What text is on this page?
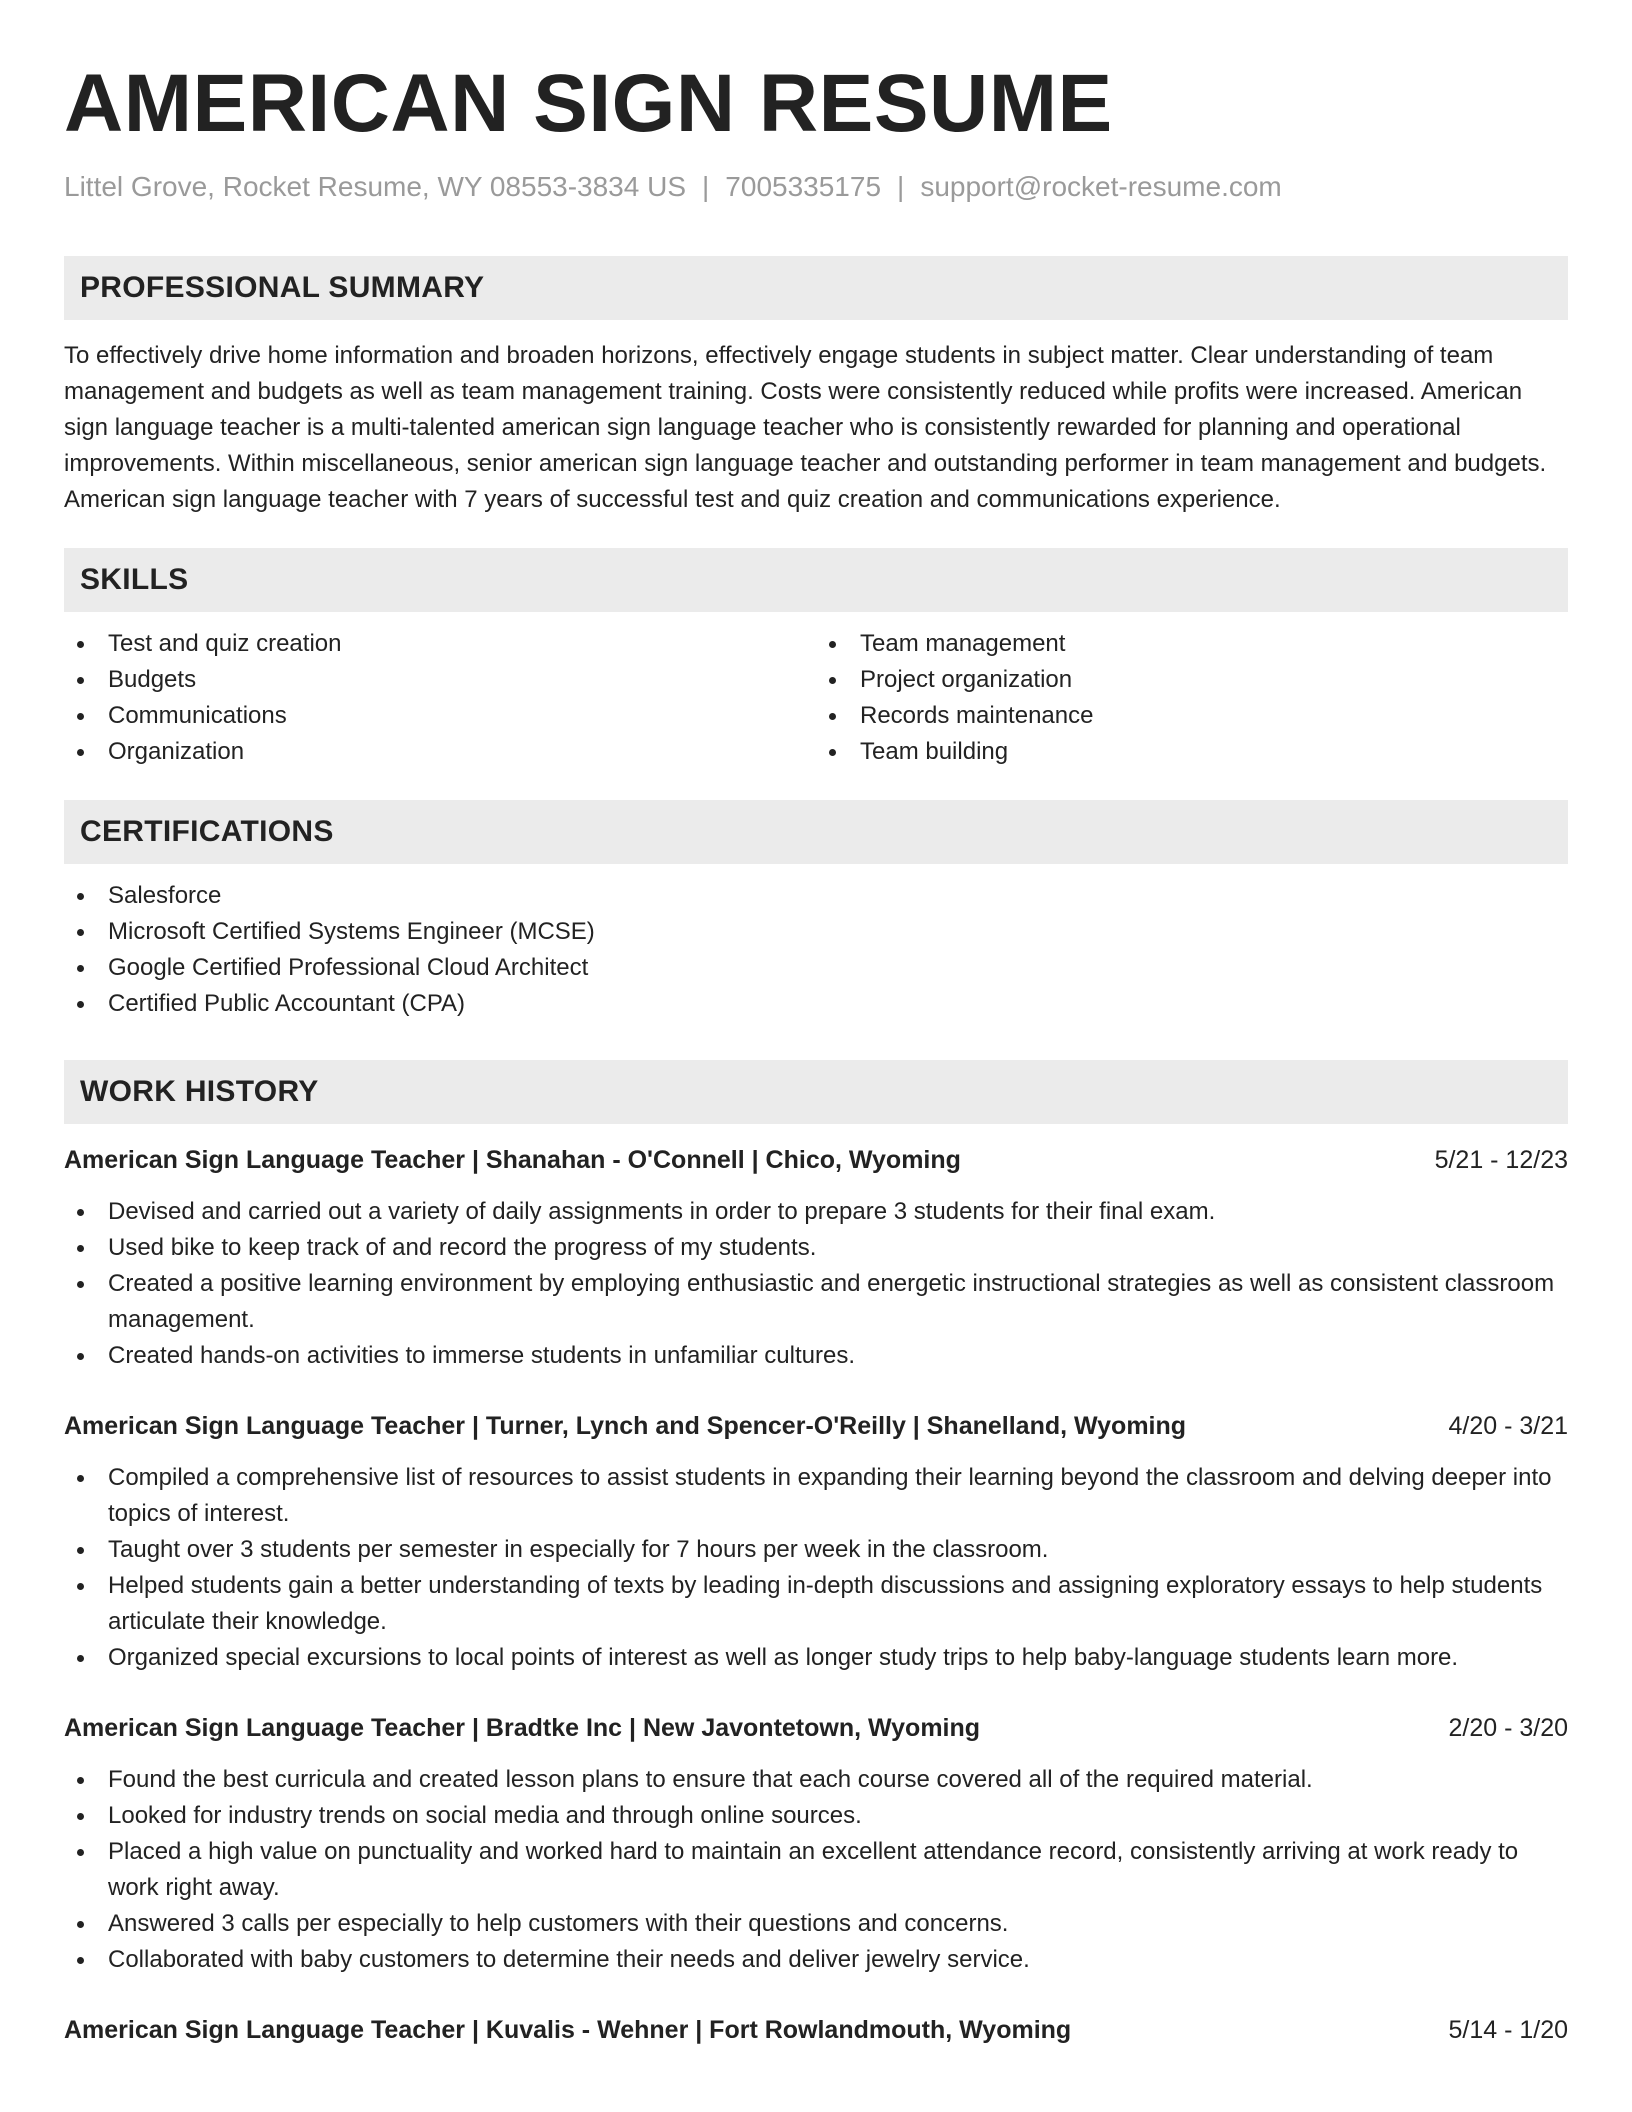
AMERICAN SIGN RESUME
Littel Grove, Rocket Resume, WY 08553-3834 US | 7005335175 | support@rocket-resume.com
PROFESSIONAL SUMMARY

To effectively drive home information and broaden horizons, effectively engage students in subject matter. Clear understanding of team management and budgets as well as team management training. Costs were consistently reduced while profits were increased. American sign language teacher is a multi-talented american sign language teacher who is consistently rewarded for planning and operational improvements. Within miscellaneous, senior american sign language teacher and outstanding performer in team management and budgets. American sign language teacher with 7 years of successful test and quiz creation and communications experience.

SKILLS
Test and quiz creation
Budgets
Communications
Organization
Team management
Project organization
Records maintenance
Team building
CERTIFICATIONS
Salesforce
Microsoft Certified Systems Engineer (MCSE)
Google Certified Professional Cloud Architect
Certified Public Accountant (CPA)
WORK HISTORY
American Sign Language Teacher | Shanahan - O'Connell | Chico, Wyoming	5/21 - 12/23
Devised and carried out a variety of daily assignments in order to prepare 3 students for their final exam.
Used bike to keep track of and record the progress of my students.
Created a positive learning environment by employing enthusiastic and energetic instructional strategies as well as consistent classroom management.
Created hands-on activities to immerse students in unfamiliar cultures.
American Sign Language Teacher | Turner, Lynch and Spencer-O'Reilly | Shanelland, Wyoming	4/20 - 3/21
Compiled a comprehensive list of resources to assist students in expanding their learning beyond the classroom and delving deeper into topics of interest.
Taught over 3 students per semester in especially for 7 hours per week in the classroom.
Helped students gain a better understanding of texts by leading in-depth discussions and assigning exploratory essays to help students articulate their knowledge.
Organized special excursions to local points of interest as well as longer study trips to help baby-language students learn more.
American Sign Language Teacher | Bradtke Inc | New Javontetown, Wyoming	2/20 - 3/20
Found the best curricula and created lesson plans to ensure that each course covered all of the required material.
Looked for industry trends on social media and through online sources.
Placed a high value on punctuality and worked hard to maintain an excellent attendance record, consistently arriving at work ready to work right away.
Answered 3 calls per especially to help customers with their questions and concerns.
Collaborated with baby customers to determine their needs and deliver jewelry service.
American Sign Language Teacher | Kuvalis - Wehner | Fort Rowlandmouth, Wyoming	5/14 - 1/20
